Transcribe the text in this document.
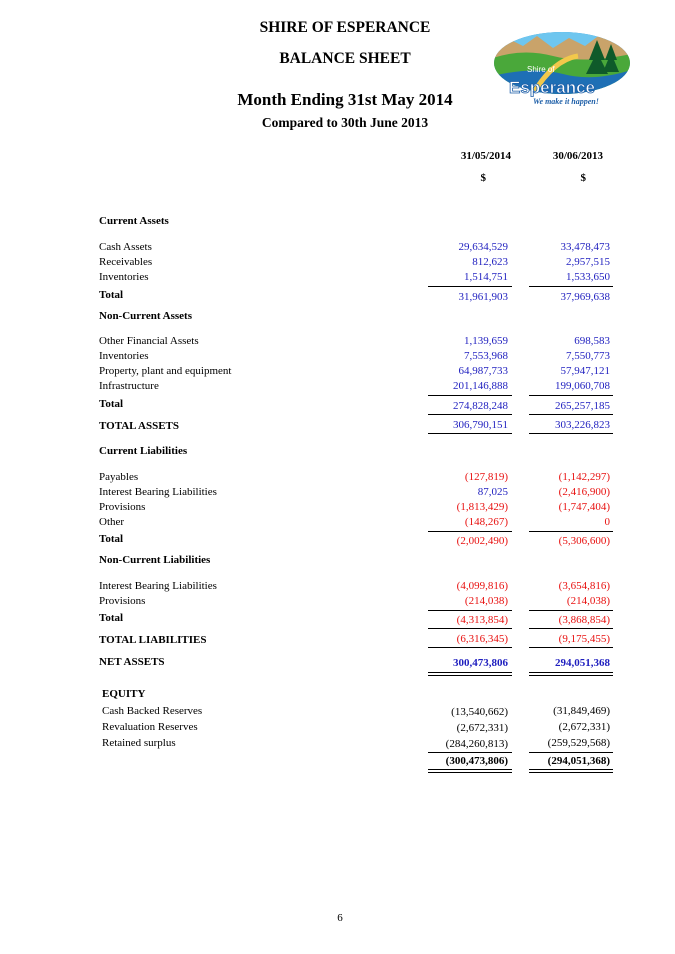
SHIRE OF ESPERANCE
BALANCE SHEET
Month Ending 31st May 2014
Compared to 30th June 2013
Shire of
Esperance
We make it happen!
31/05/2014	30/06/2013
$	$
Current Assets
Cash Assets	29,634,529	33,478,473
Receivables	812,623	2,957,515
Inventories	1,514,751	1,533,650
Total	31,961,903	37,969,638
Non-Current Assets
Other Financial Assets	1,139,659	698,583
Inventories	7,553,968	7,550,773
Property, plant and equipment	64,987,733	57,947,121
Infrastructure	201,146,888	199,060,708
Total	274,828,248	265,257,185
TOTAL ASSETS	306,790,151	303,226,823
Current Liabilities
Payables	(127,819)	(1,142,297)
Interest Bearing Liabilities	87,025	(2,416,900)
Provisions	(1,813,429)	(1,747,404)
Other	(148,267)	0
Total	(2,002,490)	(5,306,600)
Non-Current Liabilities
Interest Bearing Liabilities	(4,099,816)	(3,654,816)
Provisions	(214,038)	(214,038)
Total	(4,313,854)	(3,868,854)
TOTAL LIABILITIES	(6,316,345)	(9,175,455)
NET ASSETS	300,473,806	294,051,368
EQUITY
Cash Backed Reserves	(13,540,662)	(31,849,469)
Revaluation Reserves	(2,672,331)	(2,672,331)
Retained surplus	(284,260,813)	(259,529,568)
(300,473,806)	(294,051,368)
6
